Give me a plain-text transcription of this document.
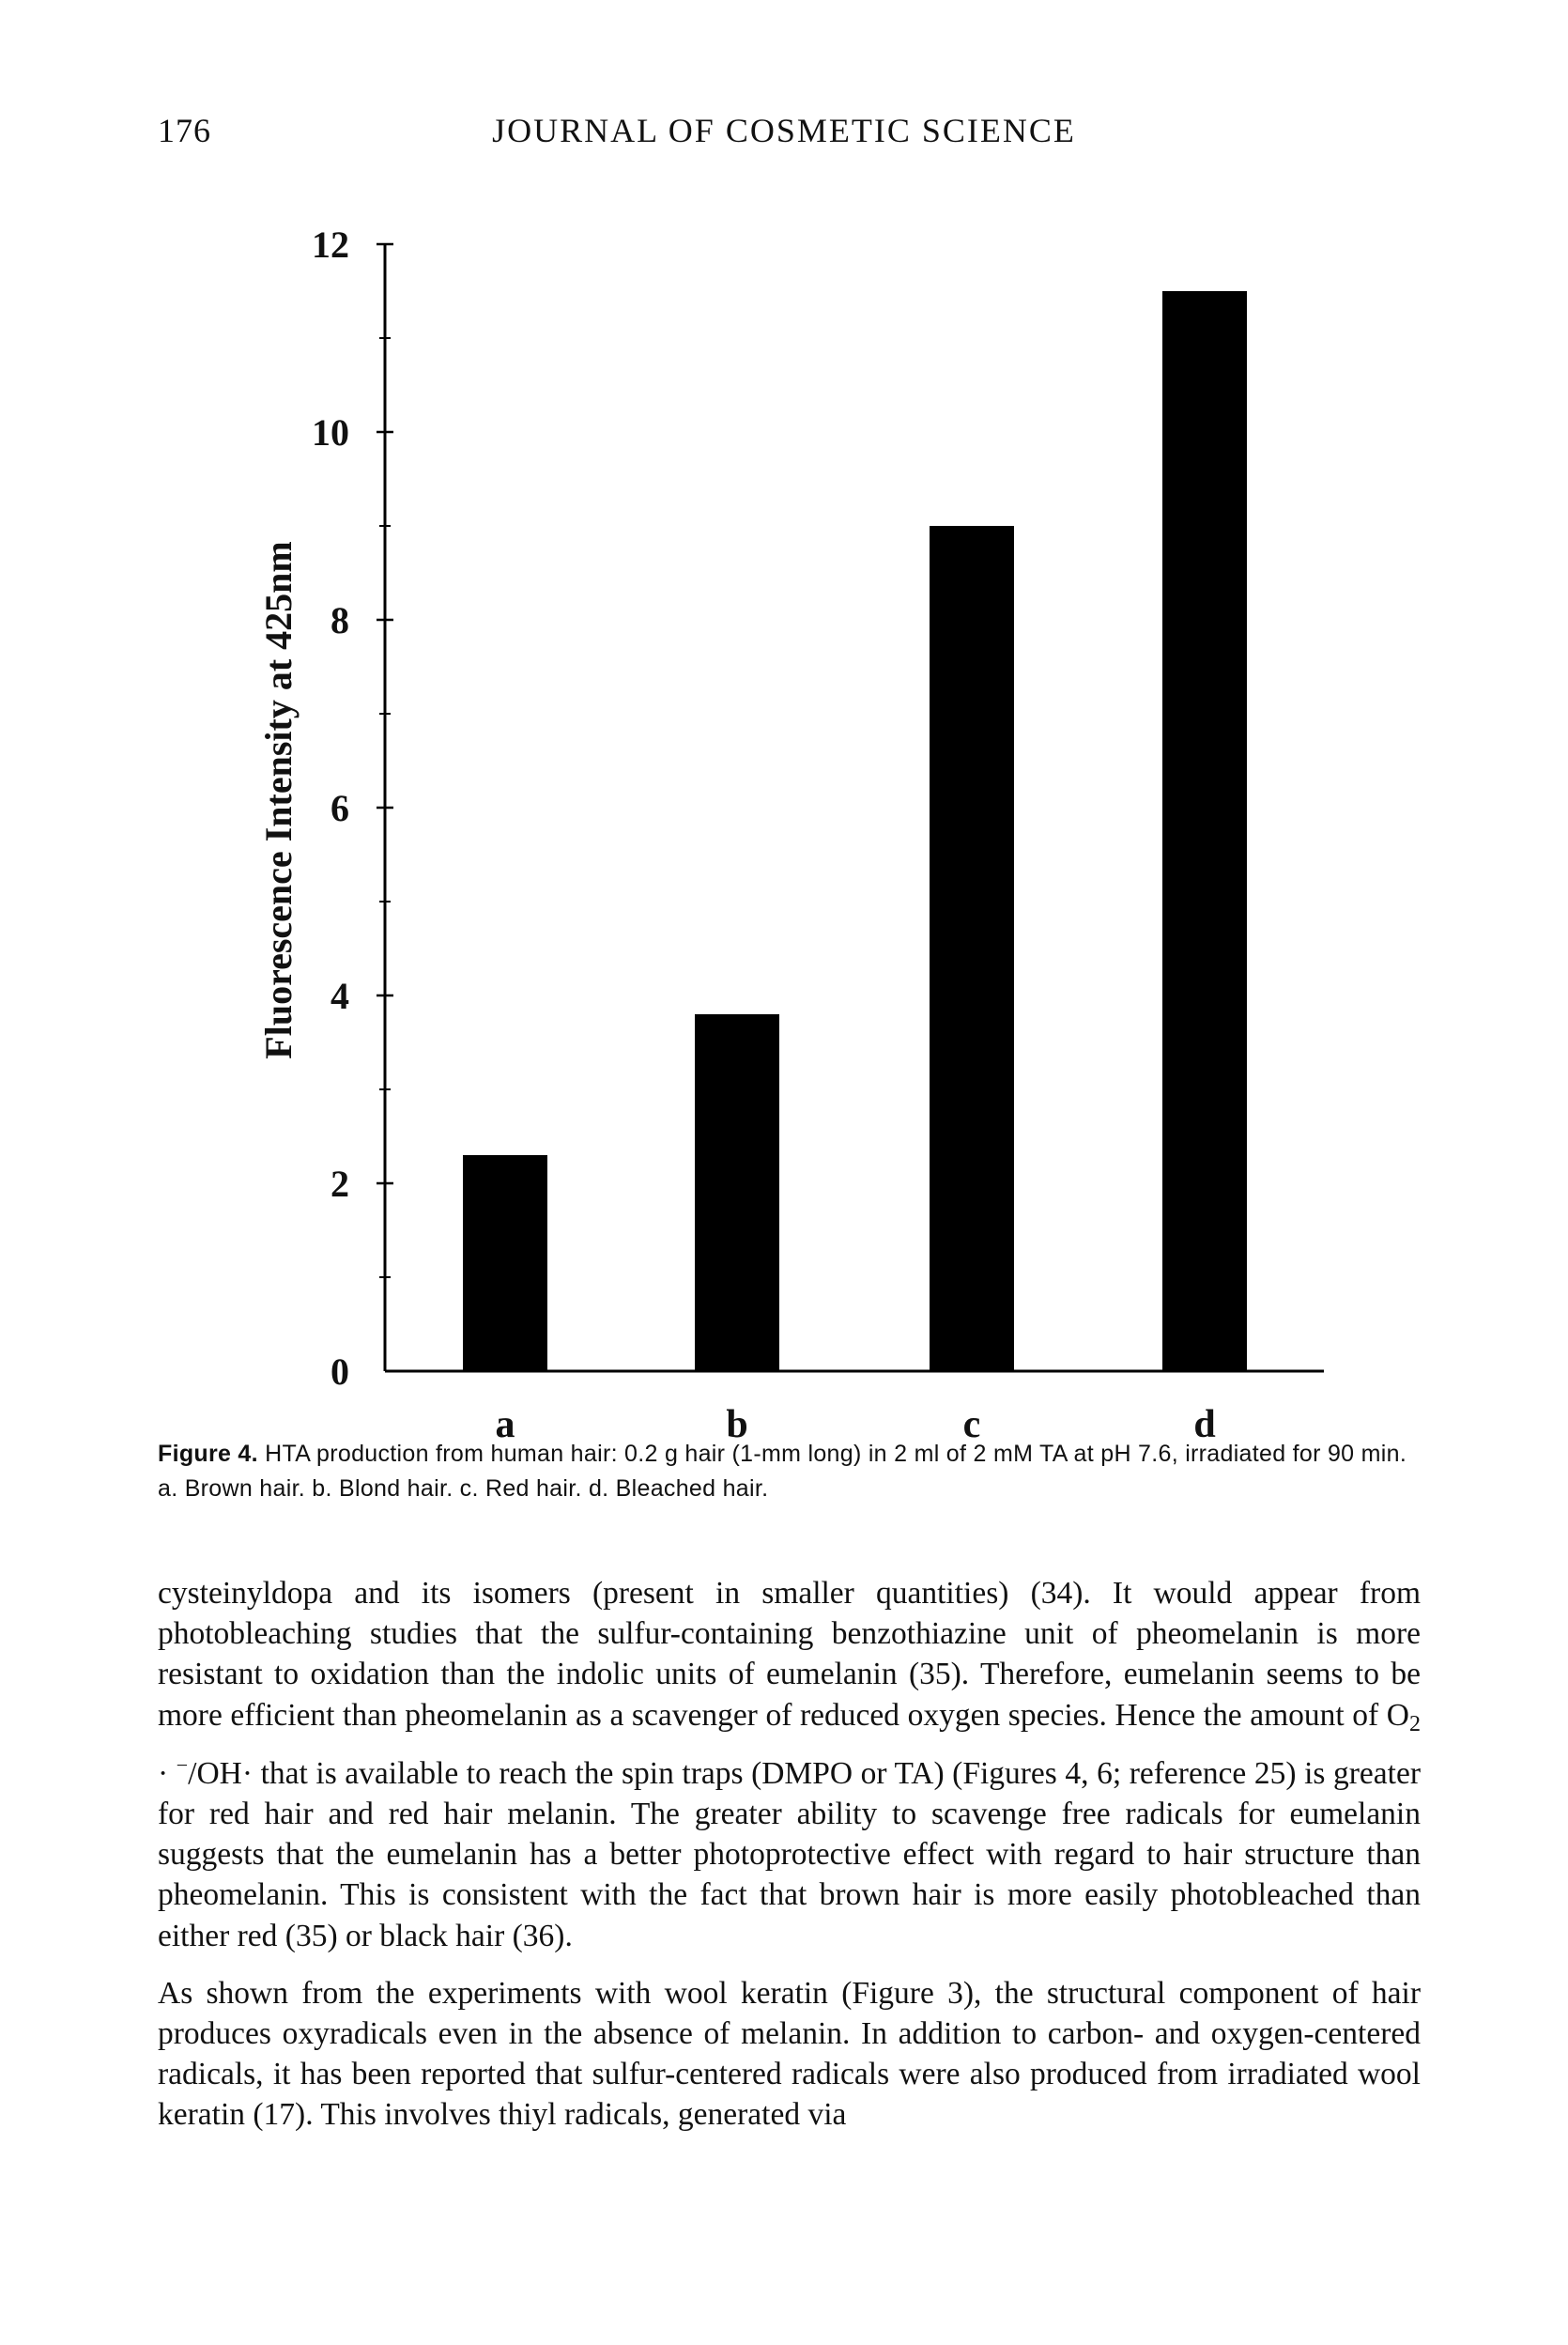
176	JOURNAL OF COSMETIC SCIENCE
0
2
4
6
8
10
12
Fluorescence Intensity at 425nm
a	b	c	d
Figure 4. HTA production from human hair: 0.2 g hair (1-mm long) in 2 ml of 2 mM TA at pH 7.6, irradiated for 90 min. a. Brown hair. b. Blond hair. c. Red hair. d. Bleached hair.

cysteinyldopa and its isomers (present in smaller quantities) (34). It would appear from photobleaching studies that the sulfur-containing benzothiazine unit of pheomelanin is more resistant to oxidation than the indolic units of eumelanin (35). Therefore, eumelanin seems to be more efficient than pheomelanin as a scavenger of reduced oxygen species. Hence the amount of $O_2 \cdot ^-/OH\cdot$ that is available to reach the spin traps (DMPO or TA) (Figures 4, 6; reference 25) is greater for red hair and red hair melanin. The greater ability to scavenge free radicals for eumelanin suggests that the eumelanin has a better photoprotective effect with regard to hair structure than pheomelanin. This is consistent with the fact that brown hair is more easily photobleached than either red (35) or black hair (36).

As shown from the experiments with wool keratin (Figure 3), the structural component of hair produces oxyradicals even in the absence of melanin. In addition to carbon- and oxygen-centered radicals, it has been reported that sulfur-centered radicals were also produced from irradiated wool keratin (17). This involves thiyl radicals, generated via
